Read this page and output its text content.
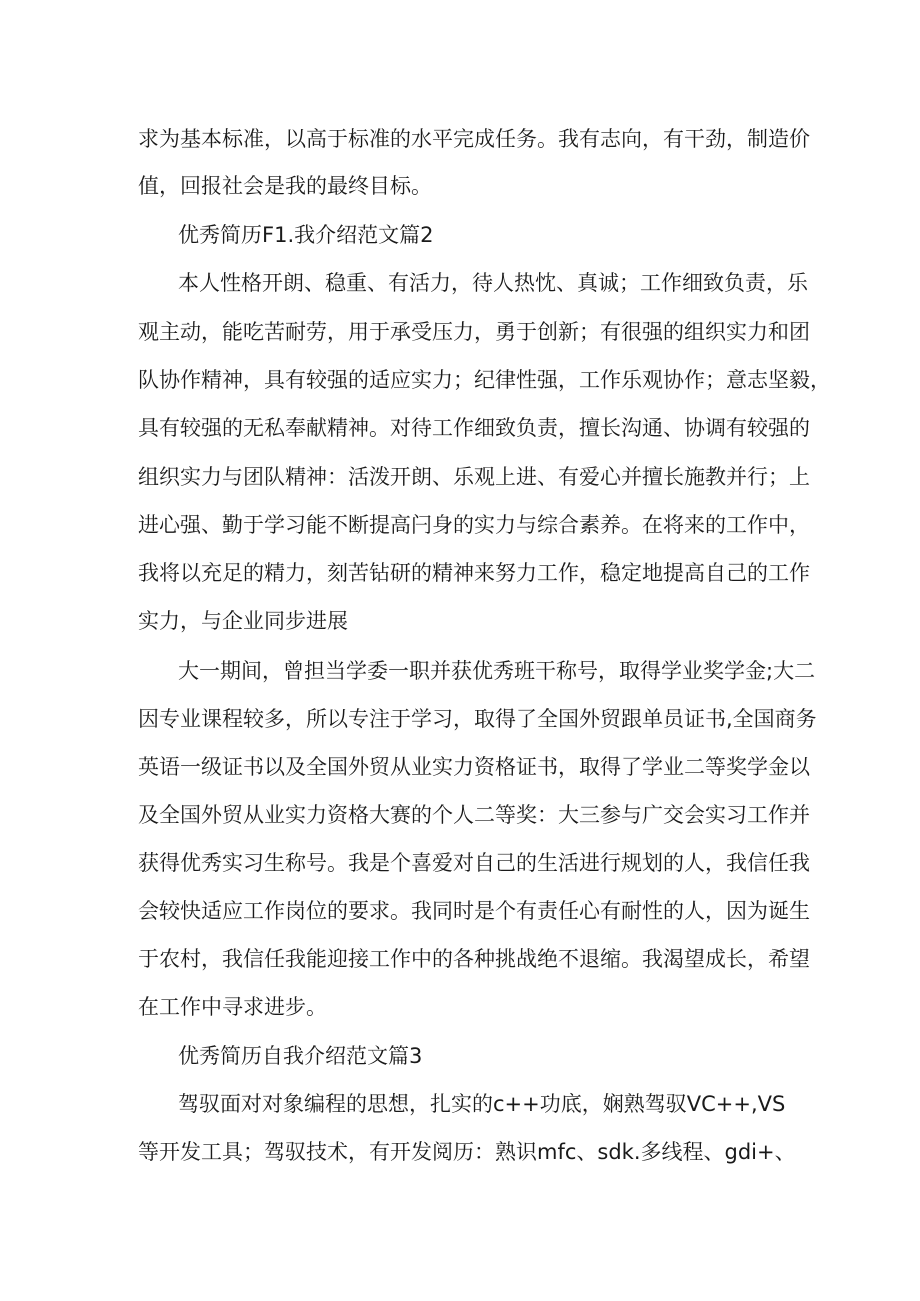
求为基本标准，以高于标准的水平完成任务。我有志向，有干劲，制造价

值，回报社会是我的最终目标。

优秀简历F1.我介绍范文篇2

本人性格开朗、稳重、有活力，待人热忱、真诚；工作细致负责，乐

观主动，能吃苦耐劳，用于承受压力，勇于创新；有很强的组织实力和团

队协作精神，具有较强的适应实力；纪律性强，工作乐观协作；意志坚毅，

具有较强的无私奉献精神。对待工作细致负责，擅长沟通、协调有较强的

组织实力与团队精神：活泼开朗、乐观上进、有爱心并擅长施教并行；上

进心强、勤于学习能不断提高闩身的实力与综合素养。在将来的工作中，

我将以充足的精力，刻苦钻研的精神来努力工作，稳定地提高自己的工作

实力，与企业同步进展

大一期间，曾担当学委一职并获优秀班干称号，取得学业奖学金;大二

因专业课程较多，所以专注于学习，取得了全国外贸跟单员证书,全国商务

英语一级证书以及全国外贸从业实力资格证书，取得了学业二等奖学金以

及全国外贸从业实力资格大赛的个人二等奖：大三参与广交会实习工作并

获得优秀实习生称号。我是个喜爱对自己的生活进行规划的人，我信任我

会较快适应工作岗位的要求。我同时是个有责任心有耐性的人，因为诞生

于农村，我信任我能迎接工作中的各种挑战绝不退缩。我渴望成长，希望

在工作中寻求进步。

优秀简历自我介绍范文篇3

驾驭面对对象编程的思想，扎实的c++功底，娴熟驾驭VC++,VS

等开发工具；驾驭技术，有开发阅历：熟识mfc、sdk.多线程、gdi+、
